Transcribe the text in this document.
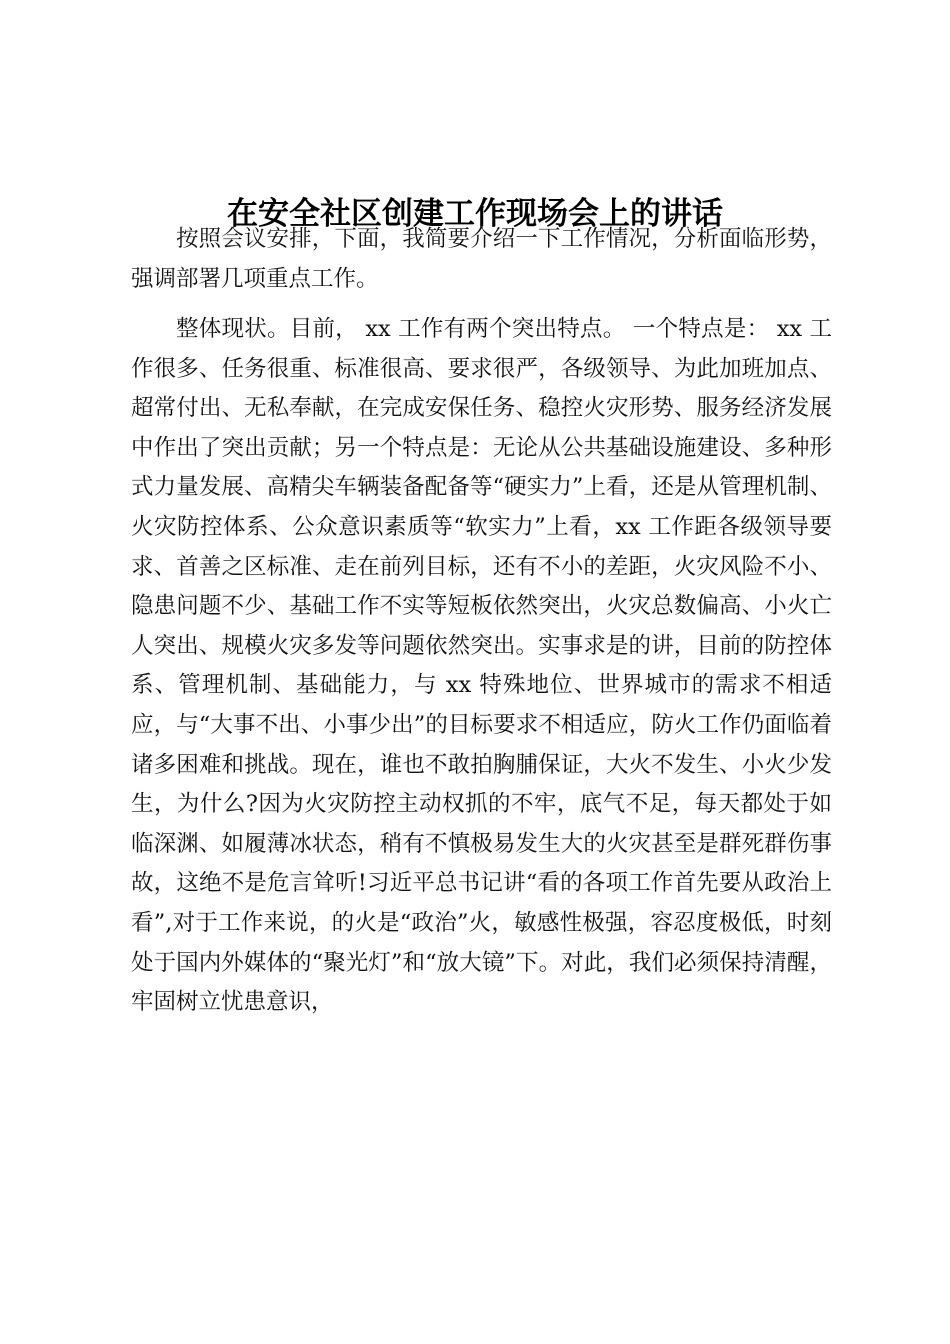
在安全社区创建工作现场会上的讲话

按照会议安排，下面，我简要介绍一下工作情况，分析面临形势，强调部署几项重点工作。

整体现状。目前， xx 工作有两个突出特点。 一个特点是： xx 工作很多、任务很重、标准很高、要求很严，各级领导、为此加班加点、超常付出、无私奉献，在完成安保任务、稳控火灾形势、服务经济发展中作出了突出贡献；另一个特点是：无论从公共基础设施建设、多种形式力量发展、高精尖车辆装备配备等“硬实力”上看，还是从管理机制、火灾防控体系、公众意识素质等“软实力”上看，xx 工作距各级领导要求、首善之区标准、走在前列目标，还有不小的差距，火灾风险不小、隐患问题不少、基础工作不实等短板依然突出，火灾总数偏高、小火亡人突出、规模火灾多发等问题依然突出。实事求是的讲，目前的防控体系、管理机制、基础能力，与 xx 特殊地位、世界城市的需求不相适应，与“大事不出、小事少出”的目标要求不相适应，防火工作仍面临着诸多困难和挑战。现在，谁也不敢拍胸脯保证，大火不发生、小火少发生，为什么?因为火灾防控主动权抓的不牢，底气不足，每天都处于如临深渊、如履薄冰状态，稍有不慎极易发生大的火灾甚至是群死群伤事故，这绝不是危言耸听!习近平总书记讲“看的各项工作首先要从政治上看”,对于工作来说，的火是“政治”火，敏感性极强，容忍度极低，时刻处于国内外媒体的“聚光灯”和“放大镜”下。对此，我们必须保持清醒，牢固树立忧患意识，
